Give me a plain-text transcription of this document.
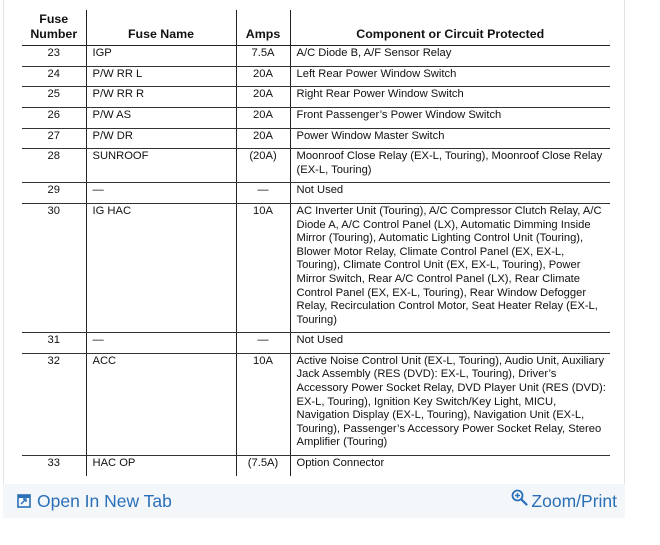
Fuse
Number	Fuse Name	Amps	Component or Circuit Protected
23	IGP	7.5A	A/C Diode B, A/F Sensor Relay
24	P/W RR L	20A	Left Rear Power Window Switch
25	P/W RR R	20A	Right Rear Power Window Switch
26	P/W AS	20A	Front Passenger’s Power Window Switch
27	P/W DR	20A	Power Window Master Switch
28	SUNROOF	(20A)	Moonroof Close Relay (EX-L, Touring), Moonroof Close Relay (EX-L, Touring)
29	—	—	Not Used
30	IG HAC	10A	AC Inverter Unit (Touring), A/C Compressor Clutch Relay, A/C Diode A, A/C Control Panel (LX), Automatic Dimming Inside Mirror (Touring), Automatic Lighting Control Unit (Touring), Blower Motor Relay, Climate Control Panel (EX, EX-L, Touring), Climate Control Unit (EX, EX-L, Touring), Power Mirror Switch, Rear A/C Control Panel (LX), Rear Climate Control Panel (EX, EX-L, Touring), Rear Window Defogger Relay, Recirculation Control Motor, Seat Heater Relay (EX-L, Touring)
31	—	—	Not Used
32	ACC	10A	Active Noise Control Unit (EX-L, Touring), Audio Unit, Auxiliary Jack Assembly (RES (DVD): EX-L, Touring), Driver’s Accessory Power Socket Relay, DVD Player Unit (RES (DVD): EX-L, Touring), Ignition Key Switch/Key Light, MICU, Navigation Display (EX-L, Touring), Navigation Unit (EX-L, Touring), Passenger’s Accessory Power Socket Relay, Stereo Amplifier (Touring)
33	HAC OP	(7.5A)	Option Connector
Open In New Tab	Zoom/Print
